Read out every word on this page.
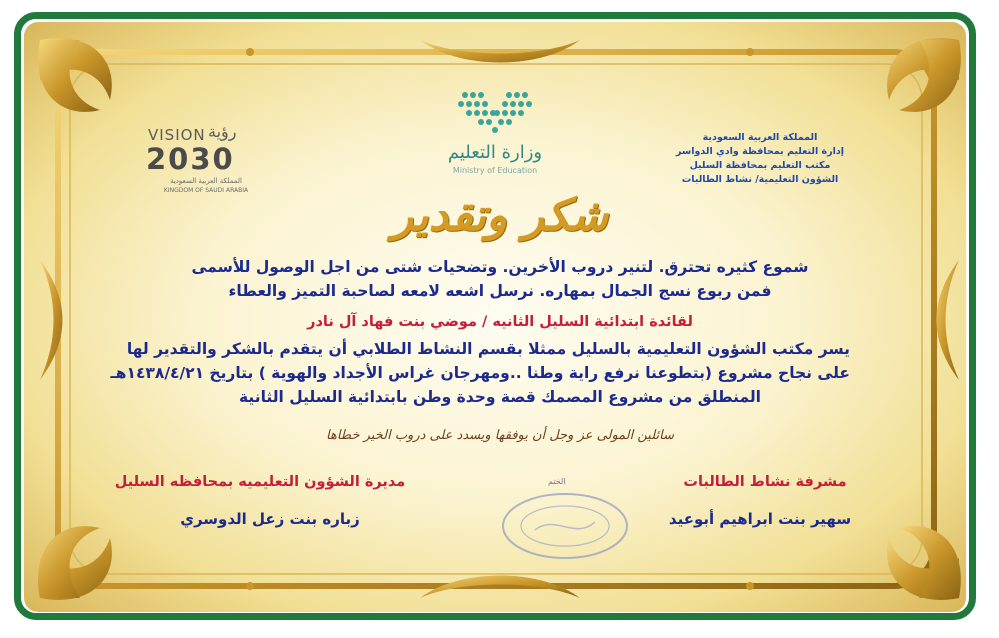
وزارة التعليم
Ministry of Education
VISION رؤية
2030
المملكة العربية السعودية
KINGDOM OF SAUDI ARABIA
المملكة العربية السعودية
إدارة التعليم بمحافظة وادي الدواسر
مكتب التعليم بمحافظة السليل
الشؤون التعليمية/ نشاط الطالبات
شكر وتقدير
شموع كثيره تحترق. لتنير دروب الأخرين. وتضحيات شتى من اجل الوصول للأسمى
فمن ربوع نسج الجمال بمهاره. نرسل اشعه لامعه لصاحبة التميز والعطاء
لقائدة ابتدائية السليل الثانيه / موضي بنت فهاد آل نادر
يسر مكتب الشؤون التعليمية بالسليل ممثلا بقسم النشاط الطلابي أن يتقدم بالشكر والتقدير لها
على نجاح مشروع (بتطوعنا نرفع راية وطنا ..ومهرجان غراس الأجداد والهوية ) بتاريخ ١٤٣٨/٤/٢١هـ
المنطلق من مشروع المصمك قصة وحدة وطن بابتدائية السليل الثانية
سائلين المولى عز وجل أن يوفقها ويسدد على دروب الخير خطاها
مديرة الشؤون التعليميه بمحافظه السليل
زباره بنت زعل الدوسري
الختم	مشرفة نشاط الطالبات
سهير بنت ابراهيم أبوعيد
